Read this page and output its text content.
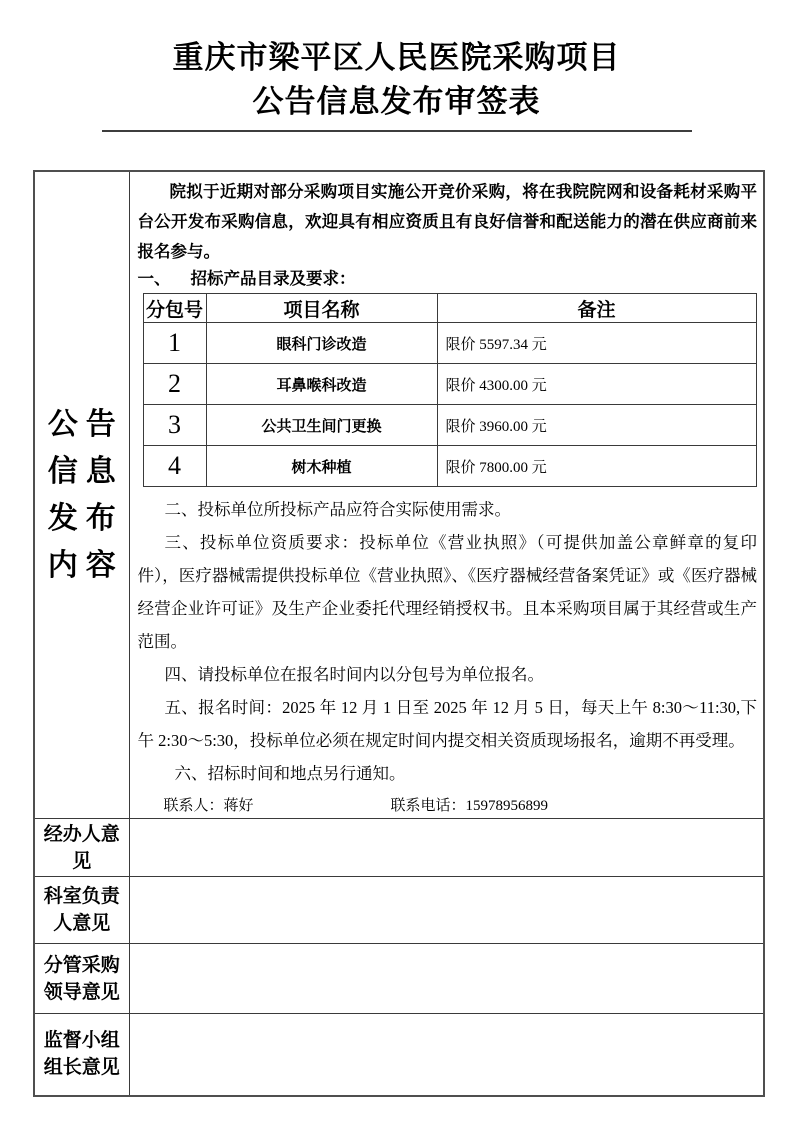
重庆市梁平区人民医院采购项目
公告信息发布审签表
公告
信息
发布
内容

院拟于近期对部分采购项目实施公开竞价采购，将在我院院网和设备耗材采购平台公开发布采购信息，欢迎具有相应资质且有良好信誉和配送能力的潜在供应商前来报名参与。

一、 招标产品目录及要求：

分包号	项目名称	备注
1	眼科门诊改造	限价 5597.34 元
2	耳鼻喉科改造	限价 4300.00 元
3	公共卫生间门更换	限价 3960.00 元
4	树木种植	限价 7800.00 元

二、投标单位所投标产品应符合实际使用需求。

三、投标单位资质要求：投标单位《营业执照》（可提供加盖公章鲜章的复印件），医疗器械需提供投标单位《营业执照》、《医疗器械经营备案凭证》或《医疗器械经营企业许可证》及生产企业委托代理经销授权书。且本采购项目属于其经营或生产范围。

四、请投标单位在报名时间内以分包号为单位报名。

五、报名时间：2025 年 12 月 1 日至 2025 年 12 月 5 日，每天上午 8:30～11:30,下午 2:30～5:30，投标单位必须在规定时间内提交相关资质现场报名，逾期不再受理。

六、招标时间和地点另行通知。

联系人：蒋好	联系电话：15978956899

经办人意见	
科室负责人意见	
分管采购领导意见	
监督小组组长意见	
